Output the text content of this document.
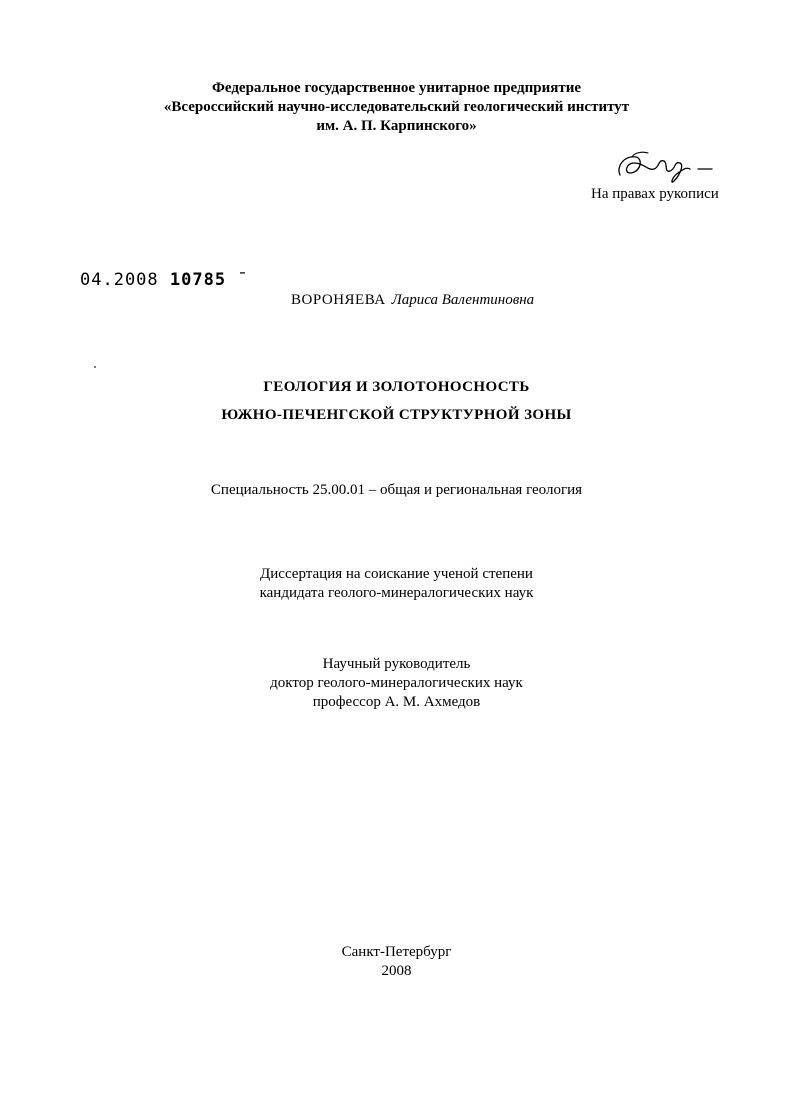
Федеральное государственное унитарное предприятие
«Всероссийский научно-исследовательский геологический институт
им. А. П. Карпинского»
На правах рукописи
04.2008 10785 ˉ
ВОРОНЯЕВА Лариса Валентиновна
ГЕОЛОГИЯ И ЗОЛОТОНОСНОСТЬ
ЮЖНО-ПЕЧЕНГСКОЙ СТРУКТУРНОЙ ЗОНЫ
Специальность 25.00.01 – общая и региональная геология
Диссертация на соискание ученой степени
кандидата геолого-минералогических наук
Научный руководитель
доктор геолого-минералогических наук
профессор А. М. Ахмедов
Санкт-Петербург
2008
